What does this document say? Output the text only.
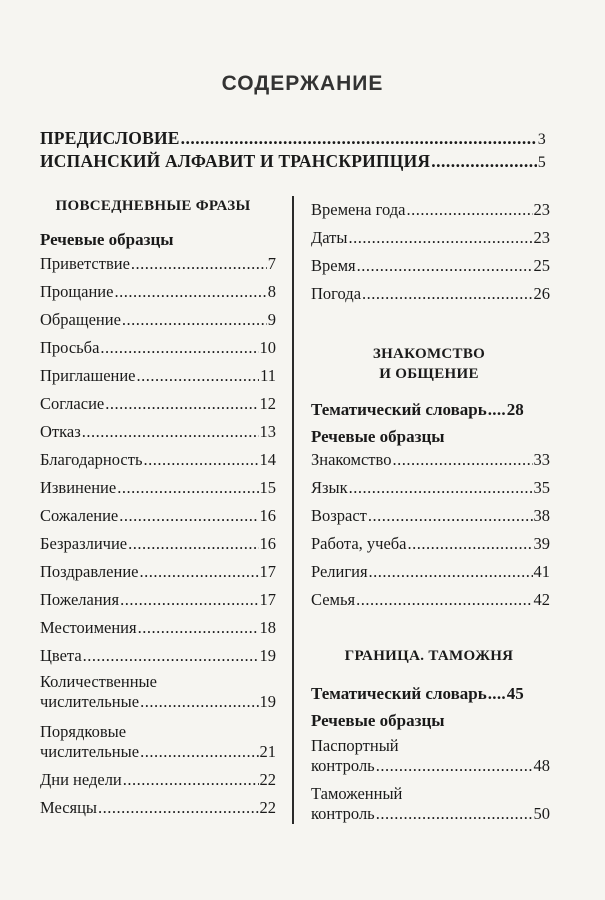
СОДЕРЖАНИЕ
ПРЕДИСЛОВИЕ .....	3
ИСПАНСКИЙ АЛФАВИТ И ТРАНСКРИПЦИЯ .....	5
ПОВСЕДНЕВНЫЕ ФРАЗЫ
Речевые образцы
Приветствие .....	7
Прощание .....	8
Обращение .....	9
Просьба .....	10
Приглашение .....	11
Согласие .....	12
Отказ .....	13
Благодарность .....	14
Извинение .....	15
Сожаление .....	16
Безразличие .....	16
Поздравление .....	17
Пожелания .....	17
Местоимения .....	18
Цвета .....	19
Количественные
числительные .....	19
Порядковые
числительные .....	21
Дни недели .....	22
Месяцы .....	22
Времена года .....	23
Даты .....	23
Время .....	25
Погода .....	26
ЗНАКОМСТВО
И ОБЩЕНИЕ
Тематический словарь ..... 28
Речевые образцы
Знакомство .....	33
Язык .....	35
Возраст .....	38
Работа, учеба .....	39
Религия .....	41
Семья .....	42
ГРАНИЦА. ТАМОЖНЯ
Тематический словарь ..... 45
Речевые образцы
Паспортный
контроль .....	48
Таможенный
контроль .....	50
